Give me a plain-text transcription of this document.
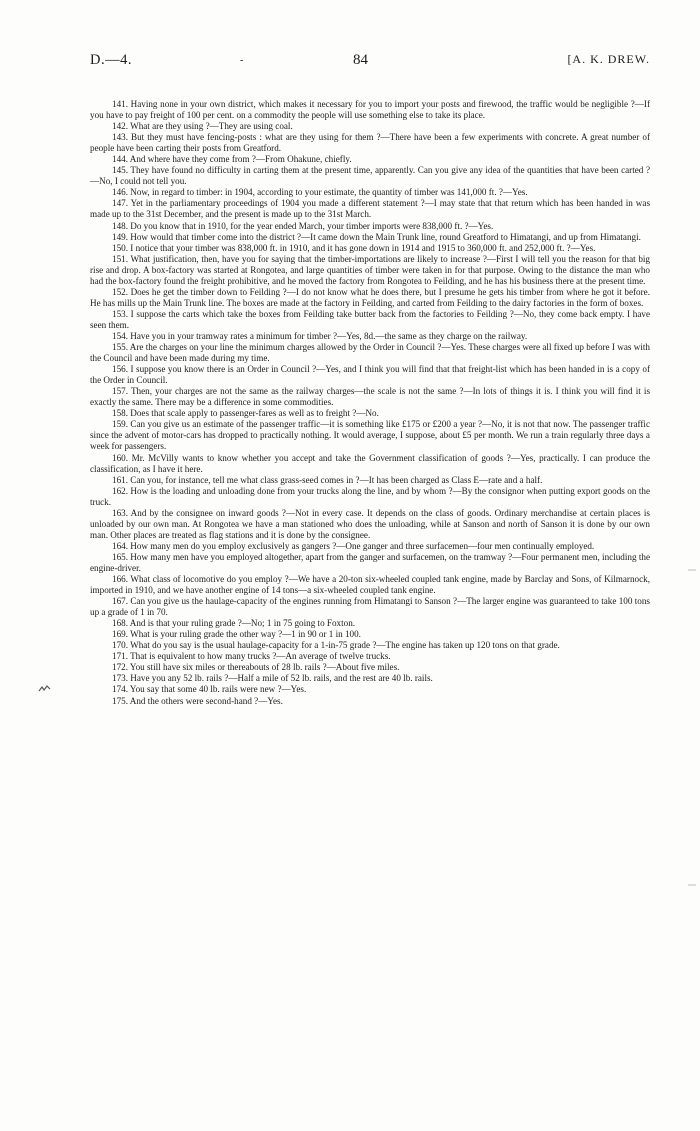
D.—4.	-	84	[A. K. DREW.

141. Having none in your own district, which makes it necessary for you to import your posts and firewood, the traffic would be negligible ?—If you have to pay freight of 100 per cent. on a commodity the people will use something else to take its place.

142. What are they using ?—They are using coal.

143. But they must have fencing-posts : what are they using for them ?—There have been a few experiments with concrete. A great number of people have been carting their posts from Greatford.

144. And where have they come from ?—From Ohakune, chiefly.

145. They have found no difficulty in carting them at the present time, apparently. Can you give any idea of the quantities that have been carted ?—No, I could not tell you.

146. Now, in regard to timber: in 1904, according to your estimate, the quantity of timber was 141,000 ft. ?—Yes.

147. Yet in the parliamentary proceedings of 1904 you made a different statement ?—I may state that that return which has been handed in was made up to the 31st December, and the present is made up to the 31st March.

148. Do you know that in 1910, for the year ended March, your timber imports were 838,000 ft. ?—Yes.

149. How would that timber come into the district ?—It came down the Main Trunk line, round Greatford to Himatangi, and up from Himatangi.

150. I notice that your timber was 838,000 ft. in 1910, and it has gone down in 1914 and 1915 to 360,000 ft. and 252,000 ft. ?—Yes.

151. What justification, then, have you for saying that the timber-importations are likely to increase ?—First I will tell you the reason for that big rise and drop. A box-factory was started at Rongotea, and large quantities of timber were taken in for that purpose. Owing to the distance the man who had the box-factory found the freight prohibitive, and he moved the factory from Rongotea to Feilding, and he has his business there at the present time.

152. Does he get the timber down to Feilding ?—I do not know what he does there, but I presume he gets his timber from where he got it before. He has mills up the Main Trunk line. The boxes are made at the factory in Feilding, and carted from Feilding to the dairy factories in the form of boxes.

153. I suppose the carts which take the boxes from Feilding take butter back from the factories to Feilding ?—No, they come back empty. I have seen them.

154. Have you in your tramway rates a minimum for timber ?—Yes, 8d.—the same as they charge on the railway.

155. Are the charges on your line the minimum charges allowed by the Order in Council ?—Yes. These charges were all fixed up before I was with the Council and have been made during my time.

156. I suppose you know there is an Order in Council ?—Yes, and I think you will find that that freight-list which has been handed in is a copy of the Order in Council.

157. Then, your charges are not the same as the railway charges—the scale is not the same ?—In lots of things it is. I think you will find it is exactly the same. There may be a difference in some commodities.

158. Does that scale apply to passenger-fares as well as to freight ?—No.

159. Can you give us an estimate of the passenger traffic—it is something like £175 or £200 a year ?—No, it is not that now. The passenger traffic since the advent of motor-cars has dropped to practically nothing. It would average, I suppose, about £5 per month. We run a train regularly three days a week for passengers.

160. Mr. McVilly wants to know whether you accept and take the Government classification of goods ?—Yes, practically. I can produce the classification, as I have it here.

161. Can you, for instance, tell me what class grass-seed comes in ?—It has been charged as Class E—rate and a half.

162. How is the loading and unloading done from your trucks along the line, and by whom ?—By the consignor when putting export goods on the truck.

163. And by the consignee on inward goods ?—Not in every case. It depends on the class of goods. Ordinary merchandise at certain places is unloaded by our own man. At Rongotea we have a man stationed who does the unloading, while at Sanson and north of Sanson it is done by our own man. Other places are treated as flag stations and it is done by the consignee.

164. How many men do you employ exclusively as gangers ?—One ganger and three surfacemen—four men continually employed.

165. How many men have you employed altogether, apart from the ganger and surfacemen, on the tramway ?—Four permanent men, including the engine-driver.

166. What class of locomotive do you employ ?—We have a 20-ton six-wheeled coupled tank engine, made by Barclay and Sons, of Kilmarnock, imported in 1910, and we have another engine of 14 tons—a six-wheeled coupled tank engine.

167. Can you give us the haulage-capacity of the engines running from Himatangi to Sanson ?—The larger engine was guaranteed to take 100 tons up a grade of 1 in 70.

168. And is that your ruling grade ?—No; 1 in 75 going to Foxton.

169. What is your ruling grade the other way ?—1 in 90 or 1 in 100.

170. What do you say is the usual haulage-capacity for a 1-in-75 grade ?—The engine has taken up 120 tons on that grade.

171. That is equivalent to how many trucks ?—An average of twelve trucks.

172. You still have six miles or thereabouts of 28 lb. rails ?—About five miles.

173. Have you any 52 lb. rails ?—Half a mile of 52 lb. rails, and the rest are 40 lb. rails.

174. You say that some 40 lb. rails were new ?—Yes.

175. And the others were second-hand ?—Yes.
